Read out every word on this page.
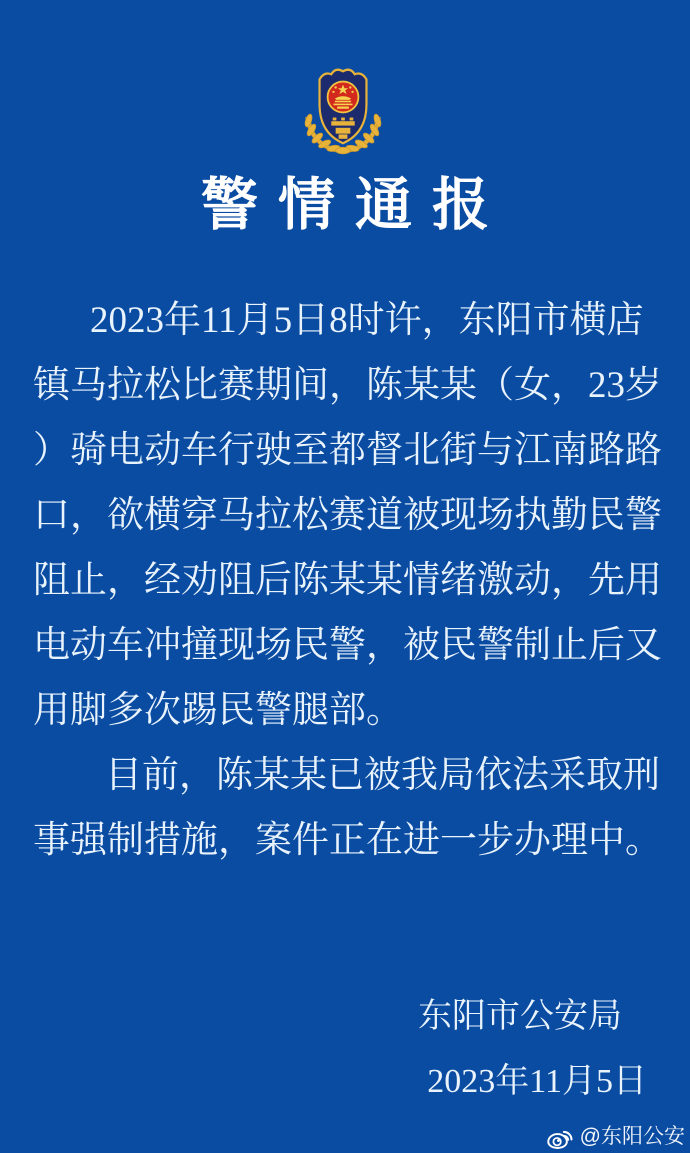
警情通报
2023年11月5日8时许，东阳市横店
镇马拉松比赛期间，陈某某（女，23岁
）骑电动车行驶至都督北街与江南路路
口，欲横穿马拉松赛道被现场执勤民警
阻止，经劝阻后陈某某情绪激动，先用
电动车冲撞现场民警，被民警制止后又
用脚多次踢民警腿部。
目前，陈某某已被我局依法采取刑
事强制措施，案件正在进一步办理中。
东阳市公安局
2023年11月5日
@东阳公安
